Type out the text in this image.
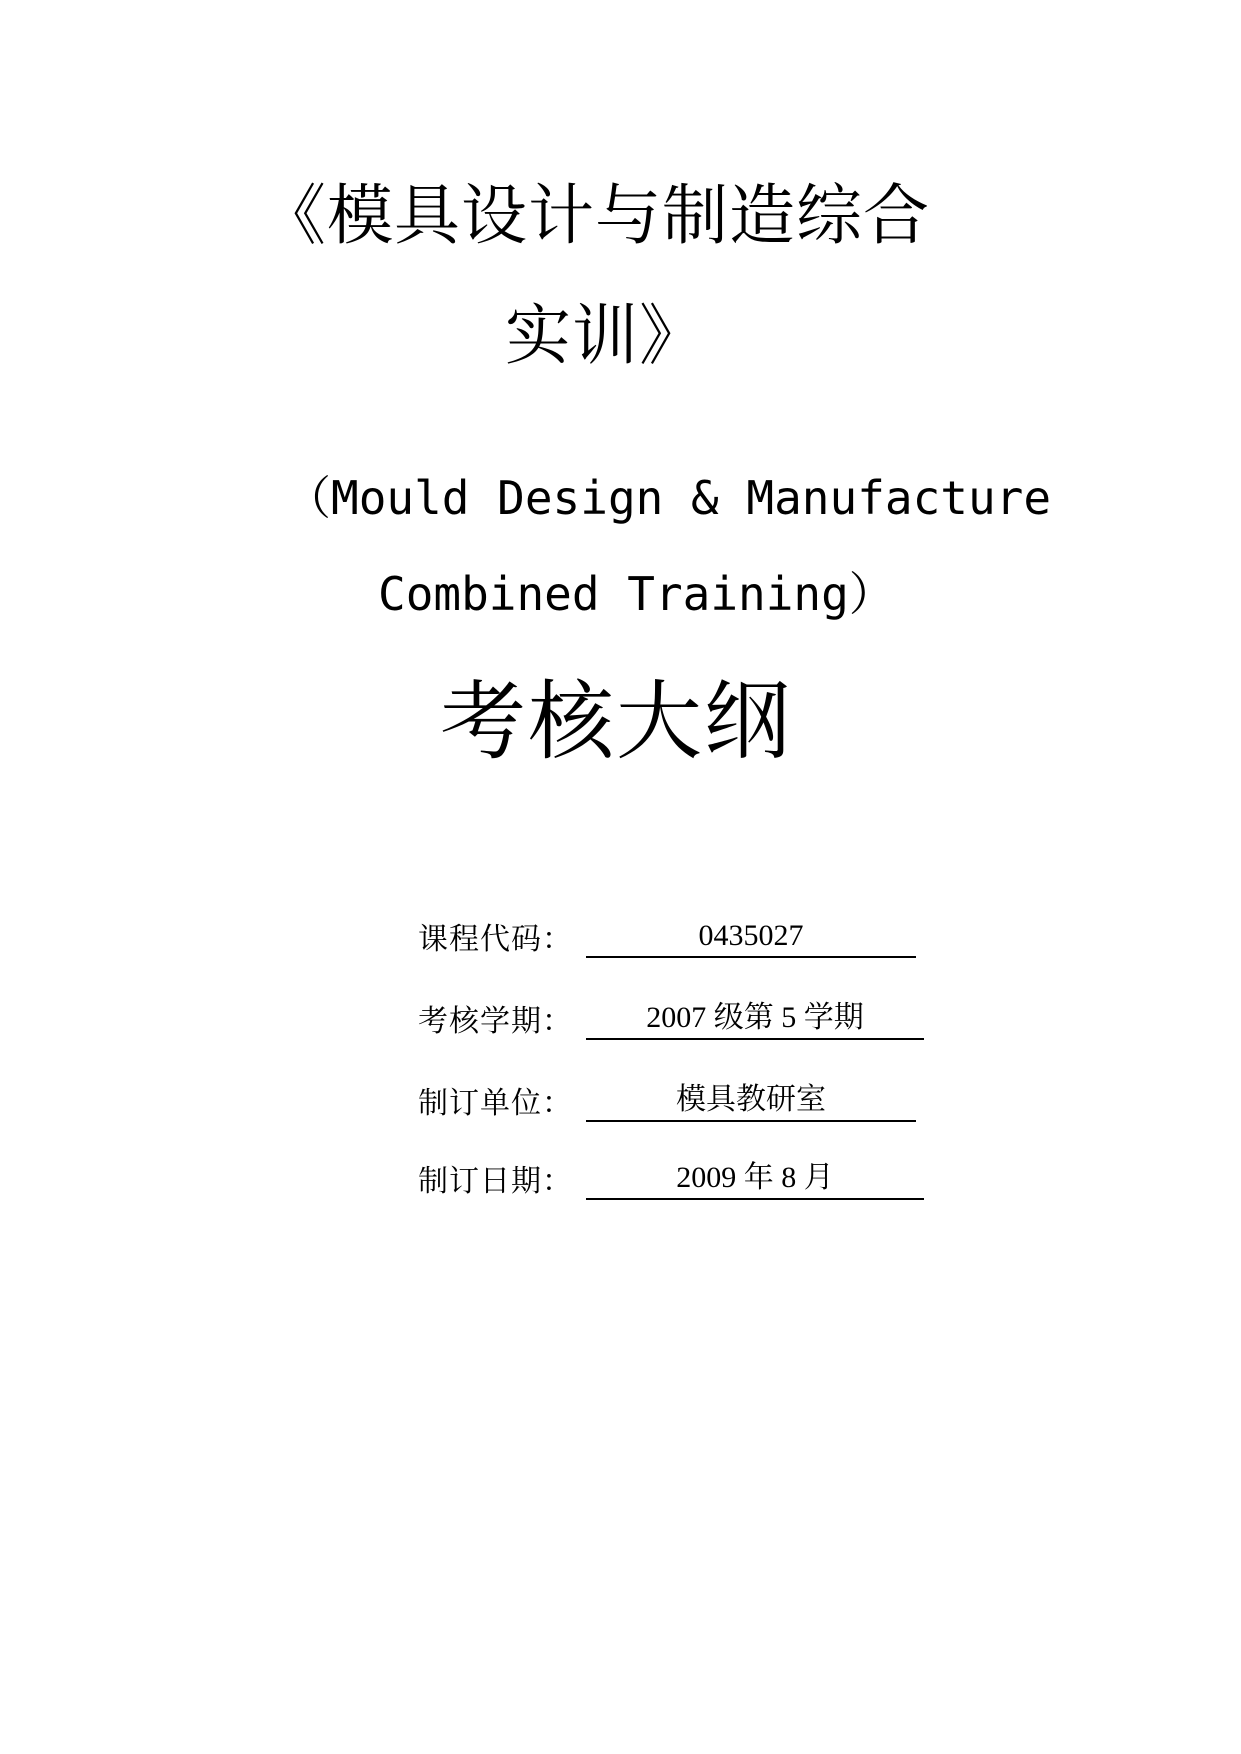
《模具设计与制造综合
实训》
（Mould Design & Manufacture
Combined Training）
考核大纲
课程代码：	0435027
考核学期：	2007 级第 5 学期
制订单位：	模具教研室
制订日期：	2009 年 8 月
